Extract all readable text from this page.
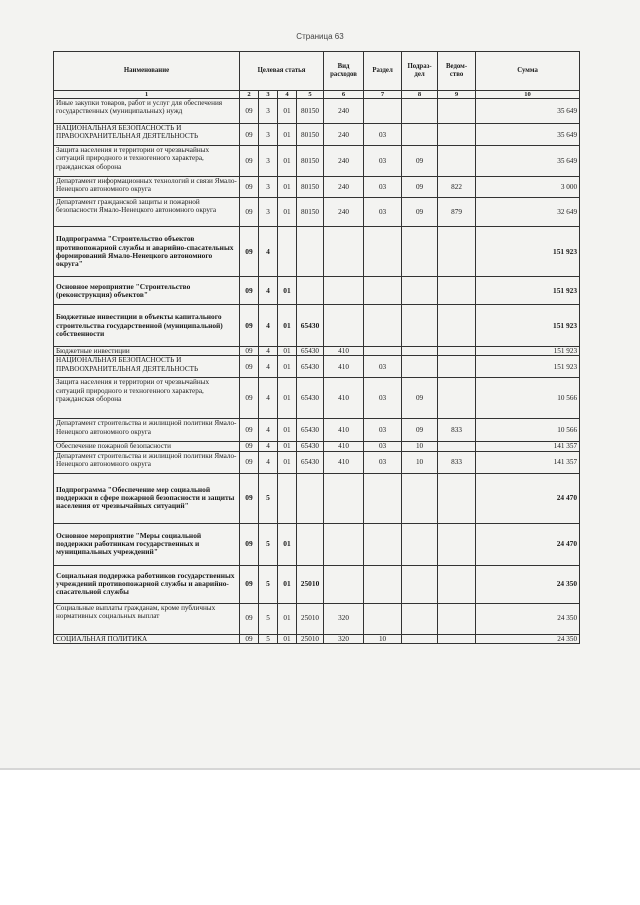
Страница 63
Наименование	Целевая статья				Вид расходов	Раздел	Подраз- дел	Ведом- ство	Сумма
1	2	3	4	5	6	7	8	9	10
Иные закупки товаров, работ и услуг для обеспечения государственных (муниципальных) нужд	09	3	01	80150	240				35 649
НАЦИОНАЛЬНАЯ БЕЗОПАСНОСТЬ И ПРАВООХРАНИТЕЛЬНАЯ ДЕЯТЕЛЬНОСТЬ	09	3	01	80150	240	03			35 649
Защита населения и территории от чрезвычайных ситуаций природного и техногенного характера, гражданская оборона	09	3	01	80150	240	03	09		35 649
Департамент информационных технологий и связи Ямало-Ненецкого автономного округа	09	3	01	80150	240	03	09	822	3 000
Департамент гражданской защиты и пожарной безопасности Ямало-Ненецкого автономного округа	09	3	01	80150	240	03	09	879	32 649
Подпрограмма "Строительство объектов противопожарной службы и аварийно-спасательных формирований Ямало-Ненецкого автономного округа"	09	4							151 923
Основное мероприятие "Строительство (реконструкция) объектов"	09	4	01						151 923
Бюджетные инвестиции в объекты капитального строительства государственной (муниципальной) собственности	09	4	01	65430					151 923
Бюджетные инвестиции	09	4	01	65430	410				151 923
НАЦИОНАЛЬНАЯ БЕЗОПАСНОСТЬ И ПРАВООХРАНИТЕЛЬНАЯ ДЕЯТЕЛЬНОСТЬ	09	4	01	65430	410	03			151 923
Защита населения и территории от чрезвычайных ситуаций природного и техногенного характера, гражданская оборона	09	4	01	65430	410	03	09		10 566
Департамент строительства и жилищной политики Ямало-Ненецкого автономного округа	09	4	01	65430	410	03	09	833	10 566
Обеспечение пожарной безопасности	09	4	01	65430	410	03	10		141 357
Департамент строительства и жилищной политики Ямало-Ненецкого автономного округа	09	4	01	65430	410	03	10	833	141 357
Подпрограмма "Обеспечение мер социальной поддержки в сфере пожарной безопасности и защиты населения от чрезвычайных ситуаций"	09	5							24 470
Основное мероприятие "Меры социальной поддержки работникам государственных и муниципальных учреждений"	09	5	01						24 470
Социальная поддержка работников государственных учреждений противопожарной службы и аварийно-спасательной службы	09	5	01	25010					24 350
Социальные выплаты гражданам, кроме публичных нормативных социальных выплат	09	5	01	25010	320				24 350
СОЦИАЛЬНАЯ ПОЛИТИКА	09	5	01	25010	320	10			24 350
